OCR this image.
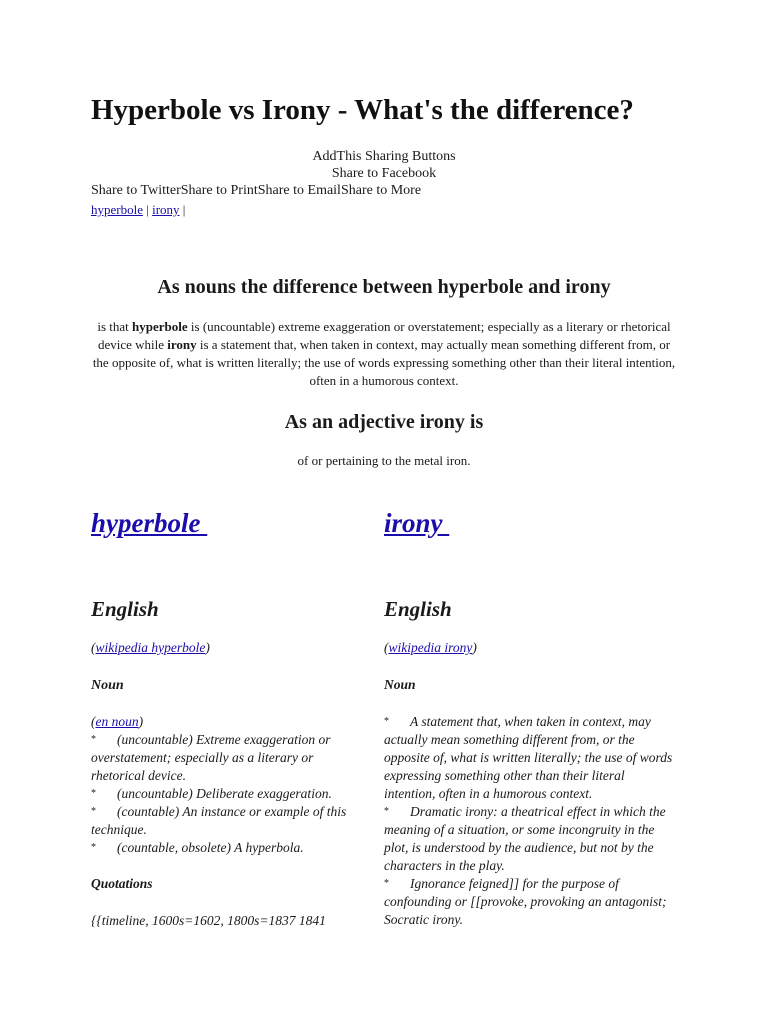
Hyperbole vs Irony - What's the difference?
AddThis Sharing Buttons
Share to Facebook
Share to TwitterShare to PrintShare to EmailShare to More
hyperbole | irony |
As nouns the difference between hyperbole and irony
is that hyperbole is (uncountable) extreme exaggeration or overstatement; especially as a literary or rhetorical device while irony is a statement that, when taken in context, may actually mean something different from, or the opposite of, what is written literally; the use of words expressing something other than their literal intention, often in a humorous context.
As an adjective irony is
of or pertaining to the metal iron.
hyperbole
English
(wikipedia hyperbole)
Noun
(en noun)
* (uncountable) Extreme exaggeration or overstatement; especially as a literary or rhetorical device.
* (uncountable) Deliberate exaggeration.
* (countable) An instance or example of this technique.
* (countable, obsolete) A hyperbola.
Quotations
{{timeline, 1600s=1602, 1800s=1837 1841
irony
English
(wikipedia irony)
Noun
* A statement that, when taken in context, may actually mean something different from, or the opposite of, what is written literally; the use of words expressing something other than their literal intention, often in a humorous context.
* Dramatic irony: a theatrical effect in which the meaning of a situation, or some incongruity in the plot, is understood by the audience, but not by the characters in the play.
* Ignorance feigned]] for the purpose of confounding or [[provoke, provoking an antagonist; Socratic irony.
